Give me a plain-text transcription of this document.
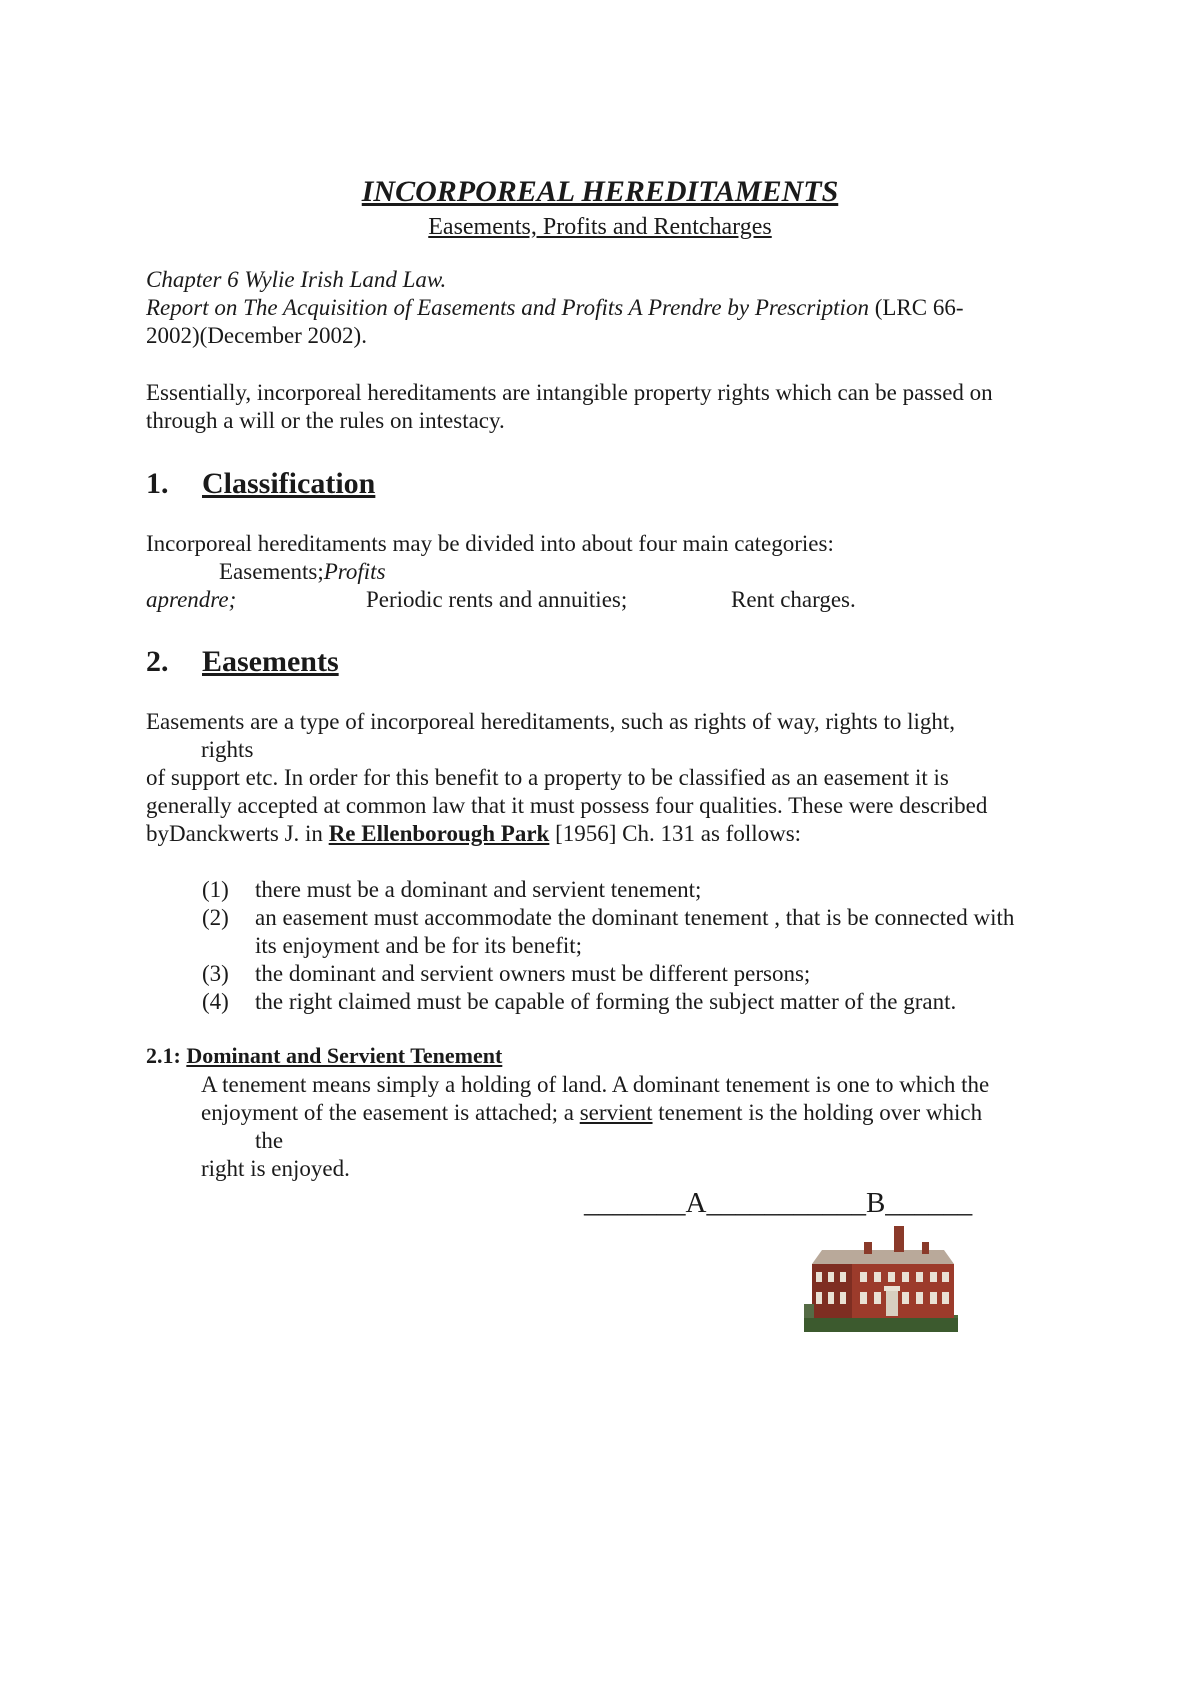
INCORPOREAL HEREDITAMENTS
Easements, Profits and Rentcharges
Chapter 6 Wylie Irish Land Law.
Report on The Acquisition of Easements and Profits A Prendre by Prescription (LRC 66-
2002)(December 2002).
Essentially, incorporeal hereditaments are intangible property rights which can be passed on
through a will or the rules on intestacy.
1. Classification
Incorporeal hereditaments may be divided into about four main categories:
Easements;Profits
aprendre;	Periodic rents and annuities;	Rent charges.
2. Easements
Easements are a type of incorporeal hereditaments, such as rights of way, rights to light,
rights
of support etc. In order for this benefit to a property to be classified as an easement it is
generally accepted at common law that it must possess four qualities. These were described
byDanckwerts J. in Re Ellenborough Park [1956] Ch. 131 as follows:
(1) there must be a dominant and servient tenement;
(2) an easement must accommodate the dominant tenement , that is be connected with
its enjoyment and be for its benefit;
(3) the dominant and servient owners must be different persons;
(4) the right claimed must be capable of forming the subject matter of the grant.
2.1: Dominant and Servient Tenement
A tenement means simply a holding of land. A dominant tenement is one to which the
enjoyment of the easement is attached; a servient tenement is the holding over which
the
right is enjoyed.
_______A___________B______
